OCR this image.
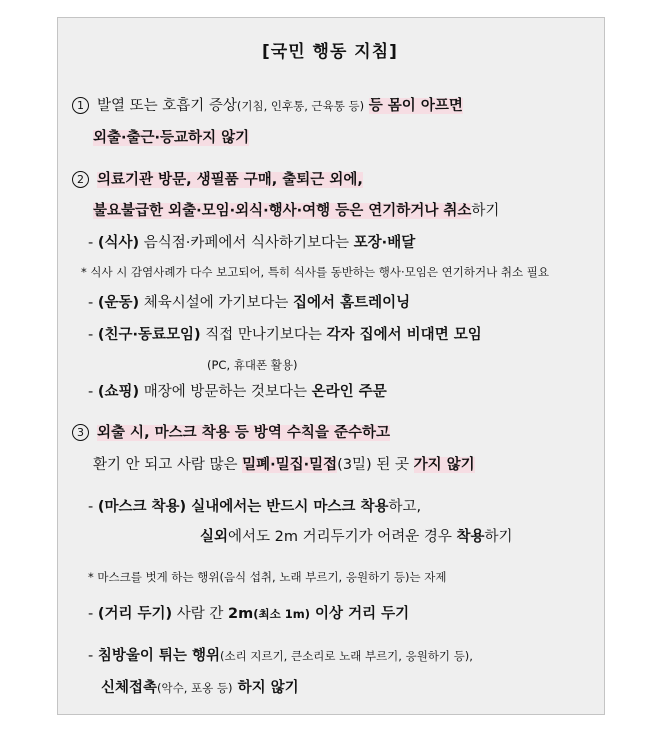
[국민 행동 지침]
1 발열 또는 호흡기 증상(기침, 인후통, 근육통 등) 등 몸이 아프면
외출·출근·등교하지 않기
2 의료기관 방문, 생필품 구매, 출퇴근 외에,
불요불급한 외출·모임·외식·행사·여행 등은 연기하거나 취소하기
- (식사) 음식점·카페에서 식사하기보다는 포장·배달
* 식사 시 감염사례가 다수 보고되어, 특히 식사를 동반하는 행사·모임은 연기하거나 취소 필요
- (운동) 체육시설에 가기보다는 집에서 홈트레이닝
- (친구·동료모임) 직접 만나기보다는 각자 집에서 비대면 모임
(PC, 휴대폰 활용)
- (쇼핑) 매장에 방문하는 것보다는 온라인 주문
3 외출 시, 마스크 착용 등 방역 수칙을 준수하고
환기 안 되고 사람 많은 밀폐·밀집·밀접(3밀) 된 곳 가지 않기
- (마스크 착용) 실내에서는 반드시 마스크 착용하고,
실외에서도 2m 거리두기가 어려운 경우 착용하기
* 마스크를 벗게 하는 행위(음식 섭취, 노래 부르기, 응원하기 등)는 자제
- (거리 두기) 사람 간 2m(최소 1m) 이상 거리 두기
- 침방울이 튀는 행위(소리 지르기, 큰소리로 노래 부르기, 응원하기 등),
신체접촉(악수, 포옹 등) 하지 않기
